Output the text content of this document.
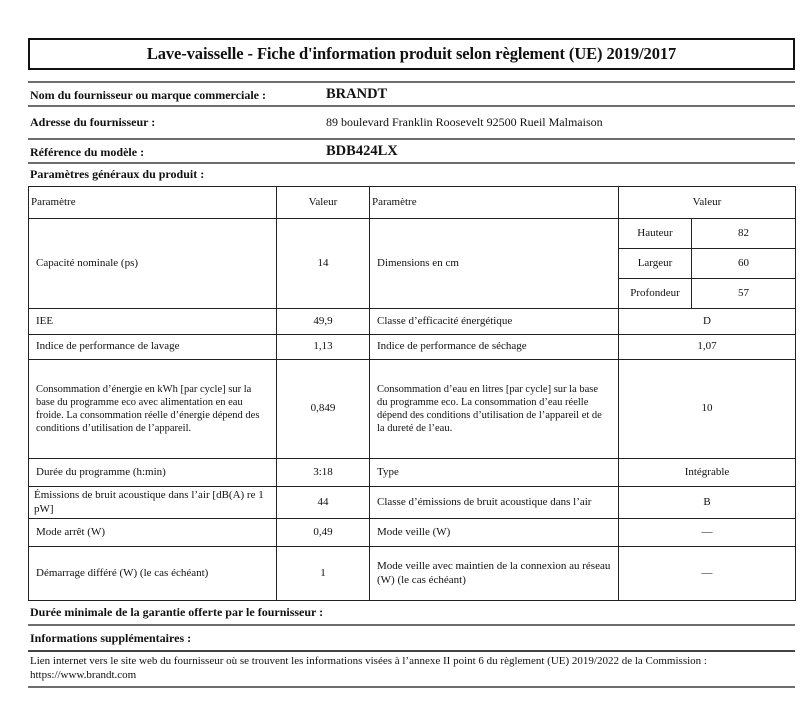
Lave-vaisselle - Fiche d'information produit selon règlement (UE) 2019/2017
Nom du fournisseur ou marque commerciale :	BRANDT
Adresse du fournisseur :	89 boulevard Franklin Roosevelt 92500 Rueil Malmaison
Référence du modèle :	BDB424LX
Paramètres généraux du produit :
Paramètre	Valeur	Paramètre	Valeur
Capacité nominale (ps)	14	Dimensions en cm	
Hauteur	82
Largeur	60
Profondeur	57

IEE	49,9	Classe d’efficacité énergétique	D
Indice de performance de lavage	1,13	Indice de performance de séchage	1,07
Consommation d’énergie en kWh [par cycle] sur la base du programme eco avec alimentation en eau froide. La consommation réelle d’énergie dépend des conditions d’utilisation de l’appareil.	0,849	Consommation d’eau en litres [par cycle] sur la base du programme eco. La consommation d’eau réelle dépend des conditions d’utilisation de l’appareil et de la dureté de l’eau.	10
Durée du programme (h:min)	3:18	Type	Intégrable
Émissions de bruit acoustique dans l’air [dB(A) re 1 pW]	44	Classe d’émissions de bruit acoustique dans l’air	B
Mode arrêt (W)	0,49	Mode veille (W)	—
Démarrage différé (W) (le cas échéant)	1	Mode veille avec maintien de la connexion au réseau (W) (le cas échéant)	—
Durée minimale de la garantie offerte par le fournisseur :
Informations supplémentaires :
Lien internet vers le site web du fournisseur où se trouvent les informations visées à l’annexe II point 6 du règlement (UE) 2019/2022 de la Commission :
https://www.brandt.com
